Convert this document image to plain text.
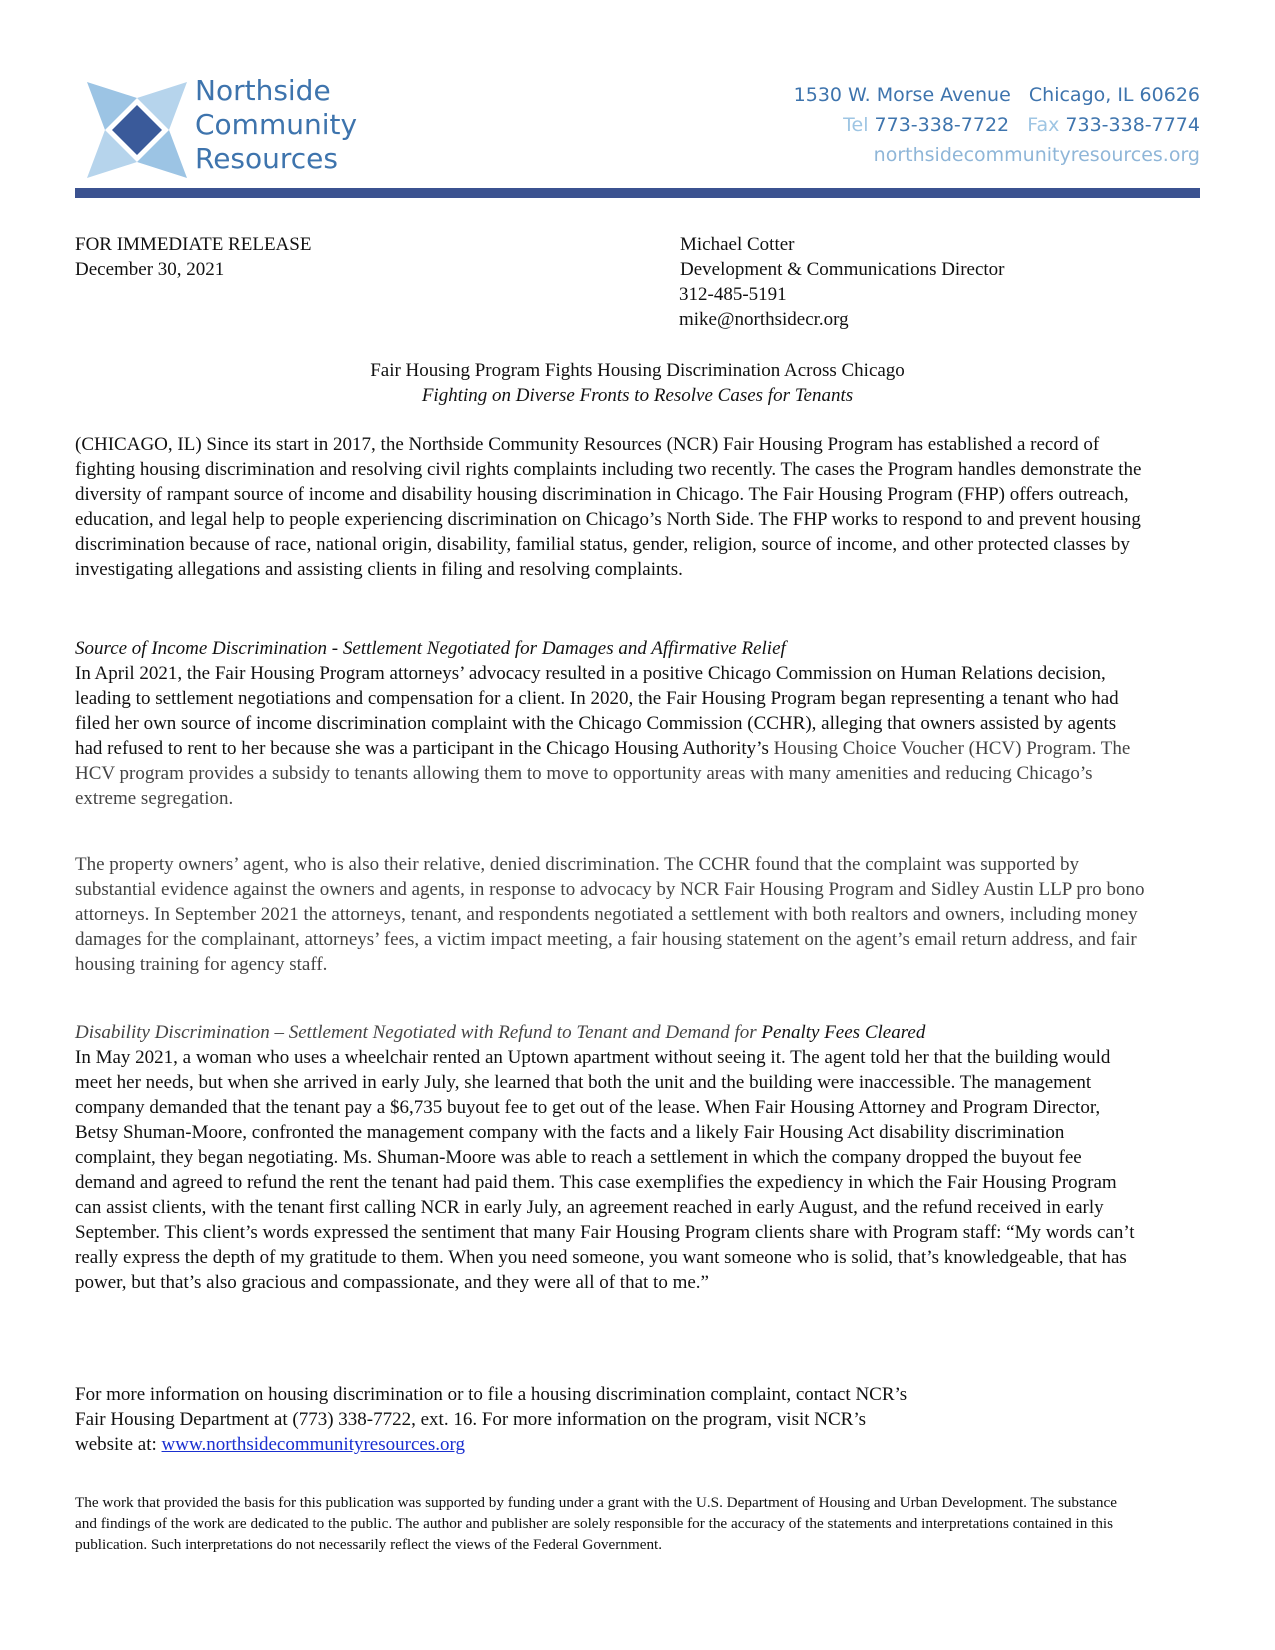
Northside
Community
Resources
1530 W. Morse Avenue   Chicago, IL 60626
Tel 773-338-7722 Fax 733-338-7774
northsidecommunityresources.org
FOR IMMEDIATE RELEASE
December 30, 2021
Michael Cotter
Development & Communications Director
312-485-5191
mike@northsidecr.org
Fair Housing Program Fights Housing Discrimination Across Chicago
Fighting on Diverse Fronts to Resolve Cases for Tenants
(CHICAGO, IL) Since its start in 2017, the Northside Community Resources (NCR) Fair Housing Program has established a record of fighting housing discrimination and resolving civil rights complaints including two recently. The cases the Program handles demonstrate the diversity of rampant source of income and disability housing discrimination in Chicago. The Fair Housing Program (FHP) offers outreach, education, and legal help to people experiencing discrimination on Chicago’s North Side. The FHP works to respond to and prevent housing discrimination because of race, national origin, disability, familial status, gender, religion, source of income, and other protected classes by investigating allegations and assisting clients in filing and resolving complaints.
Source of Income Discrimination - Settlement Negotiated for Damages and Affirmative Relief
In April 2021, the Fair Housing Program attorneys’ advocacy resulted in a positive Chicago Commission on Human Relations decision, leading to settlement negotiations and compensation for a client. In 2020, the Fair Housing Program began representing a tenant who had filed her own source of income discrimination complaint with the Chicago Commission (CCHR), alleging that owners assisted by agents had refused to rent to her because she was a participant in the Chicago Housing Authority’s Housing Choice Voucher (HCV) Program. The HCV program provides a subsidy to tenants allowing them to move to opportunity areas with many amenities and reducing Chicago’s extreme segregation.
The property owners’ agent, who is also their relative, denied discrimination. The CCHR found that the complaint was supported by substantial evidence against the owners and agents, in response to advocacy by NCR Fair Housing Program and Sidley Austin LLP pro bono attorneys. In September 2021 the attorneys, tenant, and respondents negotiated a settlement with both realtors and owners, including money damages for the complainant, attorneys’ fees, a victim impact meeting, a fair housing statement on the agent’s email return address, and fair housing training for agency staff.
Disability Discrimination – Settlement Negotiated with Refund to Tenant and Demand for Penalty Fees Cleared
In May 2021, a woman who uses a wheelchair rented an Uptown apartment without seeing it. The agent told her that the building would meet her needs, but when she arrived in early July, she learned that both the unit and the building were inaccessible. The management company demanded that the tenant pay a $6,735 buyout fee to get out of the lease. When Fair Housing Attorney and Program Director, Betsy Shuman-Moore, confronted the management company with the facts and a likely Fair Housing Act disability discrimination complaint, they began negotiating. Ms. Shuman-Moore was able to reach a settlement in which the company dropped the buyout fee demand and agreed to refund the rent the tenant had paid them. This case exemplifies the expediency in which the Fair Housing Program can assist clients, with the tenant first calling NCR in early July, an agreement reached in early August, and the refund received in early September. This client’s words expressed the sentiment that many Fair Housing Program clients share with Program staff: “My words can’t really express the depth of my gratitude to them. When you need someone, you want someone who is solid, that’s knowledgeable, that has power, but that’s also gracious and compassionate, and they were all of that to me.”
For more information on housing discrimination or to file a housing discrimination complaint, contact NCR’s
Fair Housing Department at (773) 338-7722, ext. 16. For more information on the program, visit NCR’s
website at: www.northsidecommunityresources.org
The work that provided the basis for this publication was supported by funding under a grant with the U.S. Department of Housing and Urban Development. The substance and findings of the work are dedicated to the public. The author and publisher are solely responsible for the accuracy of the statements and interpretations contained in this publication. Such interpretations do not necessarily reflect the views of the Federal Government.
